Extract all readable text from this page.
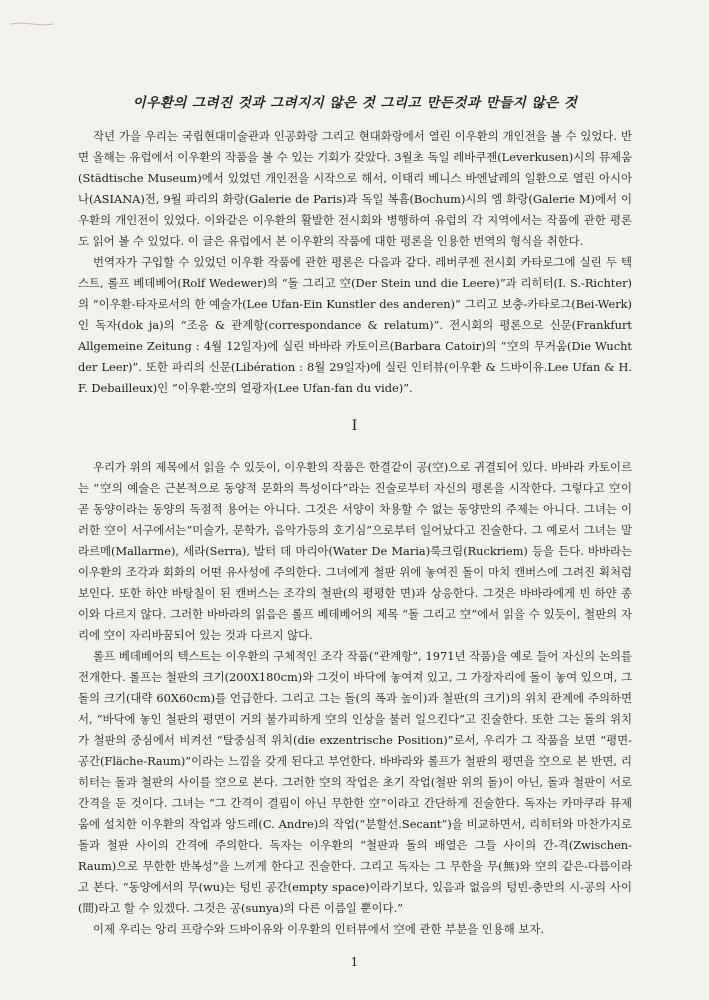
이우환의 그려진 것과 그려지지 않은 것 그리고 만든것과 만들지 않은 것

작년 가을 우리는 국립현대미술관과 인공화랑 그리고 현대화랑에서 열린 이우환의 개인전을 볼 수 있었다. 반면 올해는 유럽에서 이우환의 작품을 볼 수 있는 기회가 갖았다. 3월초 독일 레바쿠젠(Leverkusen)시의 뮤제움(Städtische Museum)에서 있었던 개인전을 시작으로 해서, 이태리 베니스 바엔날레의 일환으로 열린 아시아나(ASIANA)전, 9월 파리의 화랑(Galerie de Paris)과 독일 복흠(Bochum)시의 엠 화랑(Galerie M)에서 이우환의 개인전이 있었다. 이와같은 이우환의 활발한 전시회와 병행하여 유럽의 각 지역에서는 작품에 관한 평론도 읽어 볼 수 있었다. 이 글은 유럽에서 본 이우환의 작품에 대한 평론을 인용한 번역의 형식을 취한다.

번역자가 구입할 수 있었던 이우환 작품에 관한 평론은 다음과 같다. 레버쿠젠 전시회 카타로그에 실린 두 텍스트, 롤프 베데베어(Rolf Wedewer)의 “돌 그리고 空(Der Stein und die Leere)”과 리히터(I. S.-Richter)의 “이우환-타자로서의 한 예술가(Lee Ufan-Ein Kunstler des anderen)” 그리고 보충-카타로그(Bei-Werk)인 독자(dok ja)의 “조응 & 관계항(correspondance & relatum)”. 전시회의 평론으로 신문(Frankfurt Allgemeine Zeitung : 4월 12일자)에 실린 바바라 카토이르(Barbara Catoir)의 “空의 무거움(Die Wucht der Leer)”. 또한 파리의 신문(Libération : 8월 29일자)에 실린 인터뷰(이우환 & 드바이유.Lee Ufan & H. F. Debailleux)인 “이우환-空의 열광자(Lee Ufan-fan du vide)”.

I

우리가 위의 제목에서 읽을 수 있듯이, 이우환의 작품은 한결같이 공(空)으로 귀결되어 있다. 바바라 카토이르는 “空의 예술은 근본적으로 동양적 문화의 특성이다”라는 진술로부터 자신의 평론을 시작한다. 그렇다고 空이 곧 동양이라는 동양의 독점적 용어는 아니다. 그것은 서양이 차용할 수 없는 동양만의 주제는 아니다. 그녀는 이러한 空이 서구에서는“미술가, 문학가, 음악가등의 호기심”으로부터 일어났다고 진술한다. 그 예로서 그녀는 말라르메(Mallarme), 세라(Serra), 발터 데 마리아(Water De Maria)룩크림(Ruckriem) 등을 든다. 바바라는 이우환의 조각과 회화의 어떤 유사성에 주의한다. 그녀에게 철판 위에 놓여진 돌이 마치 캔버스에 그려진 획처럼 보인다. 또한 하얀 바탕칠이 된 캔버스는 조각의 철판(의 평평한 면)과 상응한다. 그것은 바바라에게 빈 하얀 종이와 다르지 않다. 그러한 바바라의 읽음은 롤프 베데베어의 제목 “돌 그리고 空”에서 읽을 수 있듯이, 철판의 자리에 空이 자리바꿈되어 있는 것과 다르지 않다.

롤프 베데베어의 텍스트는 이우환의 구체적인 조각 작품(“관계항”, 1971년 작품)을 예로 들어 자신의 논의를 전개한다. 롤프는 철판의 크기(200X180cm)와 그것이 바닥에 놓여져 있고, 그 가장자리에 돌이 놓여 있으며, 그 돌의 크기(대략 60X60cm)를 언급한다. 그리고 그는 돌(의 폭과 높이)과 철판(의 크기)의 위치 관계에 주의하면서, “바닥에 놓인 철판의 평면이 거의 불가피하게 空의 인상을 불러 일으킨다”고 진술한다. 또한 그는 돌의 위치가 철판의 중심에서 비켜선 “탈중심적 위치(die exzentrische Position)”로서, 우리가 그 작품을 보면 “평면-공간(Fläche-Raum)”이라는 느낌을 갖게 된다고 부언한다. 바바라와 롤프가 철판의 평면을 空으로 본 반면, 리히터는 돌과 철판의 사이를 空으로 본다. 그러한 空의 작업은 초기 작업(철판 위의 돌)이 아닌, 돌과 철판이 서로 간격을 둔 것이다. 그녀는 “그 간격이 결핍이 아닌 무한한 空”이라고 간단하게 진술한다. 독자는 카마쿠라 뮤제움에 설치한 이우환의 작업과 앙드레(C. Andre)의 작업(“분할선.Secant”)을 비교하면서, 리히터와 마찬가지로 돌과 철판 사이의 간격에 주의한다. 독자는 이우환의 “철판과 돌의 배열은 그들 사이의 간-격(Zwischen-Raum)으로 무한한 반복성”을 느끼게 한다고 진술한다. 그리고 독자는 그 무한을 무(無)와 空의 같은-다름이라고 본다. “동양에서의 무(wu)는 텅빈 공간(empty space)이라기보다, 있음과 없음의 텅빈-충만의 시-공의 사이(間)라고 할 수 있겠다. 그것은 공(sunya)의 다른 이름일 뿐이다.”

이제 우리는 앙리 프랑수와 드바이유와 이우환의 인터뷰에서 空에 관한 부분을 인용해 보자.

1
